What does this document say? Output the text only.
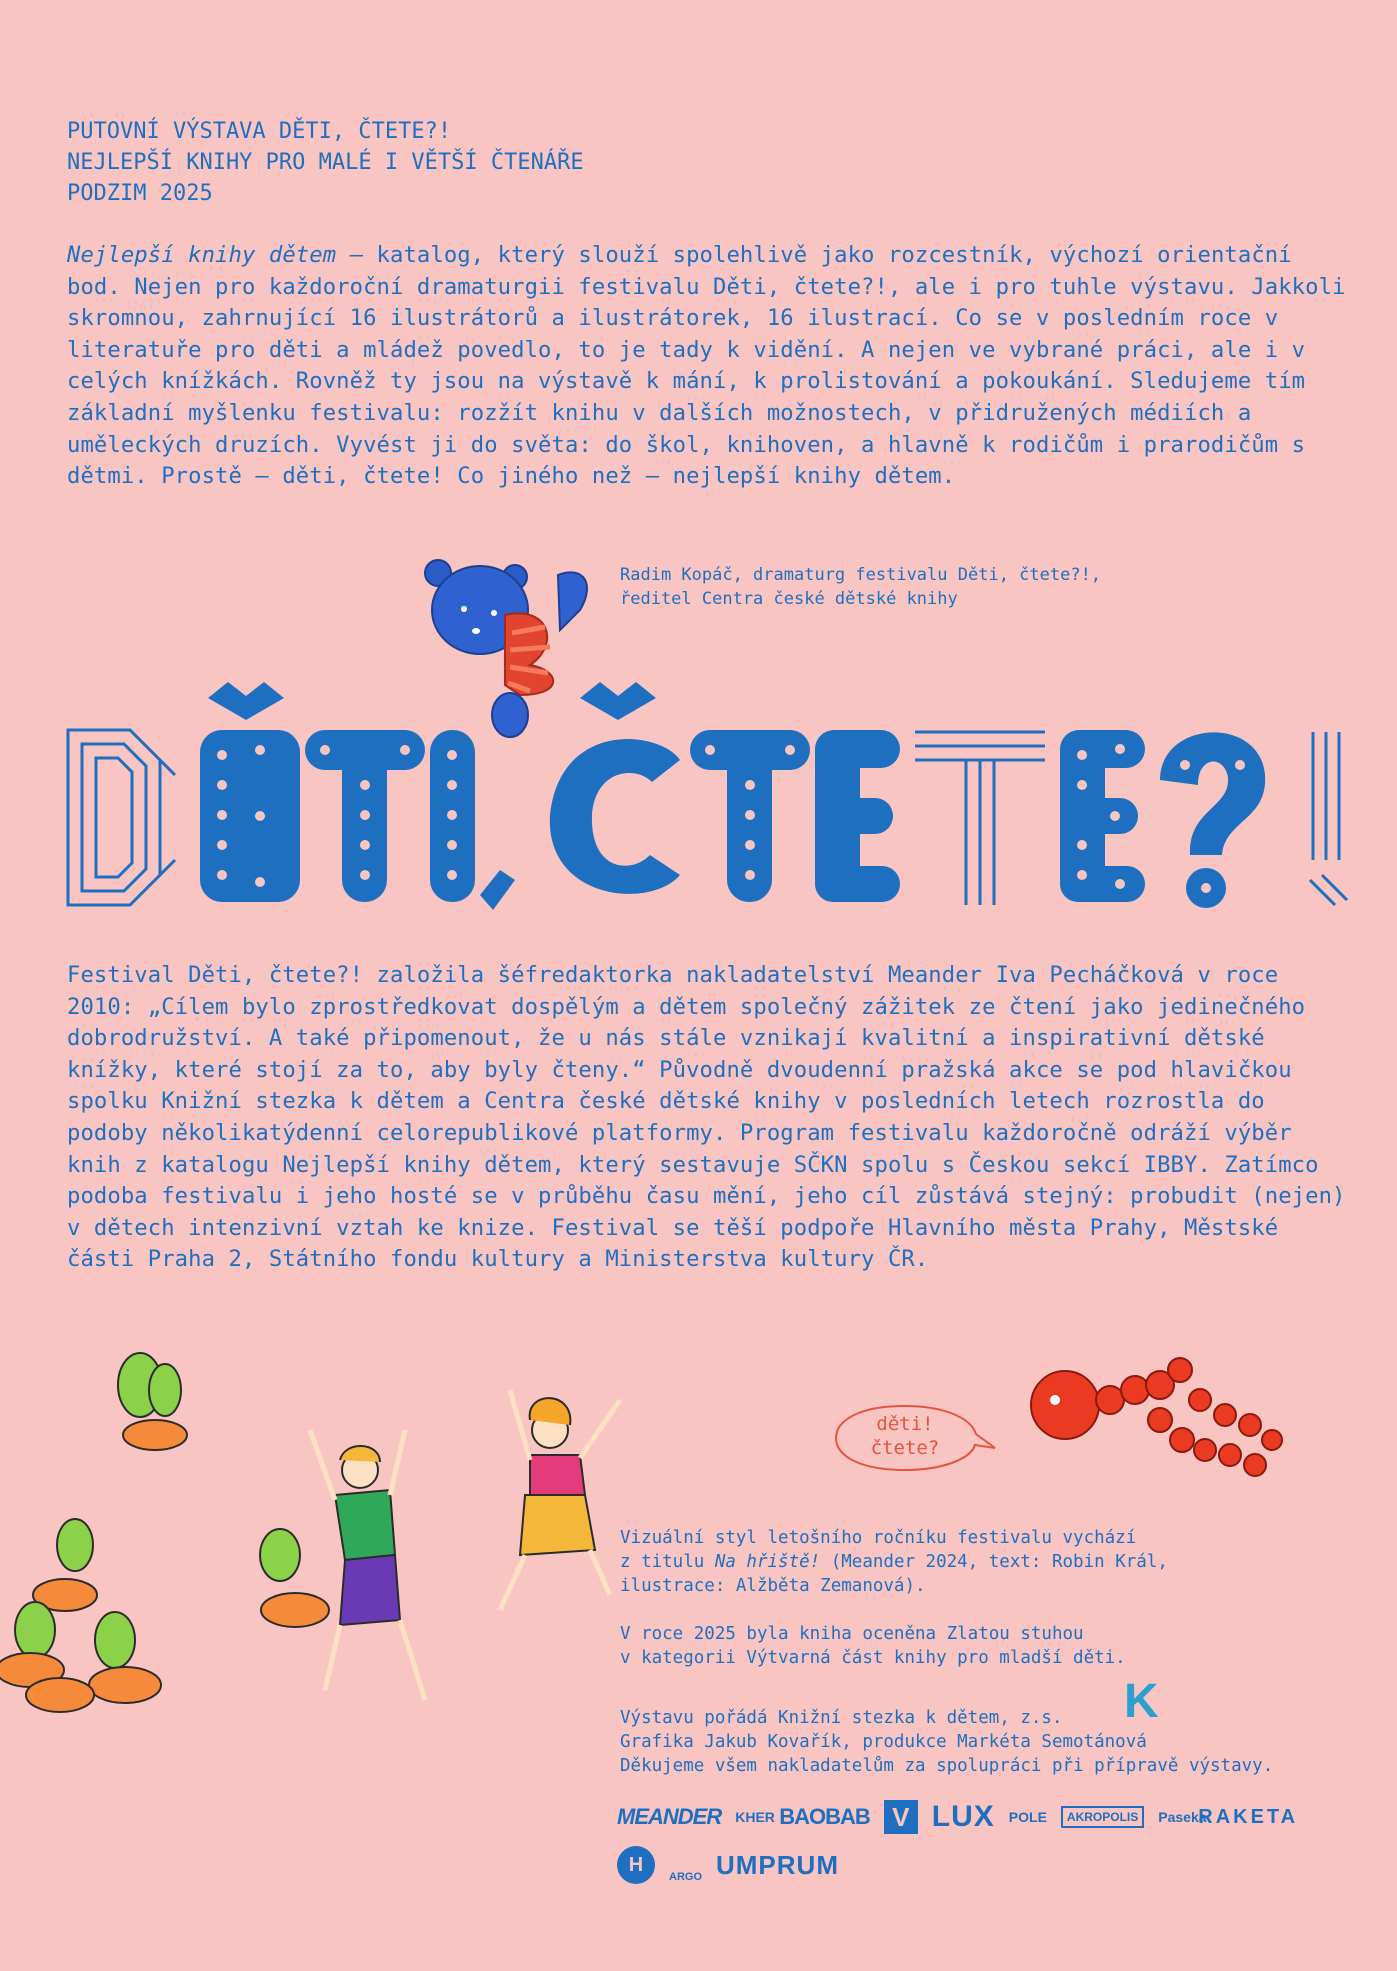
PUTOVNÍ VÝSTAVA DĚTI, ČTETE?!
NEJLEPŠÍ KNIHY PRO MALÉ I VĚTŠÍ ČTENÁŘE
PODZIM 2025

Nejlepší knihy dětem – katalog, který slouží spolehlivě jako rozcestník, výchozí orientační bod. Nejen pro každoroční dramaturgii festivalu Děti, čtete?!, ale i pro tuhle výstavu. Jakkoli skromnou, zahrnující 16 ilustrátorů a ilustrátorek, 16 ilustrací. Co se v posledním roce v literatuře pro děti a mládež povedlo, to je tady k vidění. A nejen ve vybrané práci, ale i v celých knížkách. Rovněž ty jsou na výstavě k mání, k prolistování a pokoukání. Sledujeme tím základní myšlenku festivalu: rozžít knihu v dalších možnostech, v přidružených médiích a uměleckých druzích. Vyvést ji do světa: do škol, knihoven, a hlavně k rodičům i prarodičům s dětmi. Prostě – děti, čtete! Co jiného než – nejlepší knihy dětem.

Radim Kopáč, dramaturg festivalu Děti, čtete?!,
ředitel Centra české dětské knihy

Festival Děti, čtete?! založila šéfredaktorka nakladatelství Meander Iva Pecháčková v roce 2010: „Cílem bylo zprostředkovat dospělým a dětem společný zážitek ze čtení jako jedinečného dobrodružství. A také připomenout, že u nás stále vznikají kvalitní a inspirativní dětské knížky, které stojí za to, aby byly čteny.“ Původně dvoudenní pražská akce se pod hlavičkou spolku Knižní stezka k dětem a Centra české dětské knihy v posledních letech rozrostla do podoby několikatýdenní celorepublikové platformy. Program festivalu každoročně odráží výběr knih z katalogu Nejlepší knihy dětem, který sestavuje SČKN spolu s Českou sekcí IBBY. Zatímco podoba festivalu i jeho hosté se v průběhu času mění, jeho cíl zůstává stejný: probudit (nejen) v dětech intenzivní vztah ke knize. Festival se těší podpoře Hlavního města Prahy, Městské části Praha 2, Státního fondu kultury a Ministerstva kultury ČR.

děti!
čtete?
Vizuální styl letošního ročníku festivalu vychází
z titulu Na hřiště! (Meander 2024, text: Robin Král,
ilustrace: Alžběta Zemanová).
V roce 2025 byla kniha oceněna Zlatou stuhou
v kategorii Výtvarná část knihy pro mladší děti.
K
Výstavu pořádá Knižní stezka k dětem, z.s.
Grafika Jakub Kovařík, produkce Markéta Semotánová
Děkujeme všem nakladatelům za spolupráci při přípravě výstavy.
MEANDER KHER BAOBAB V LUX POLE	AKROPOLIS	Paseka
RAKETA
H
ARGO UMPRUM
